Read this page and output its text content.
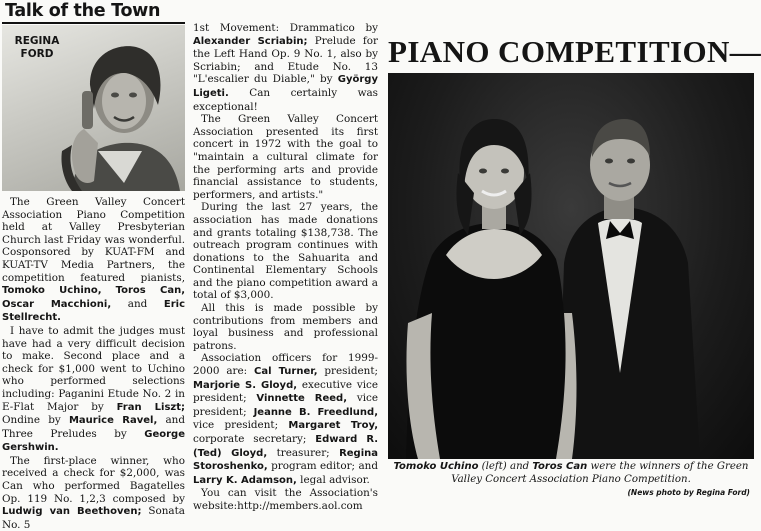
Talk of the Town
REGINA
FORD

The Green Valley Concert Association Piano Competition held at Valley Presbyterian Church last Friday was wonderful. Cosponsored by KUAT-FM and KUAT-TV Media Partners, the competition featured pianists, Tomoko Uchino, Toros Can, Oscar Macchioni, and Eric Stellrecht.

I have to admit the judges must have had a very difficult decision to make. Second place and a check for $1,000 went to Uchino who performed selections including: Paganini Etude No. 2 in E-Flat Major by Fran Liszt; Ondine by Maurice Ravel, and Three Preludes by George Gershwin.

The first-place winner, who received a check for $2,000, was Can who performed Bagatelles Op. 119 No. 1,2,3 composed by Ludwig van Beethoven; Sonata No. 5

1st Movement: Drammatico by Alexander Scriabin; Prelude for the Left Hand Op. 9 No. 1, also by Scriabin; and Etude No. 13 "L'escalier du Diable," by György Ligeti. Can certainly was exceptional!

The Green Valley Concert Association presented its first concert in 1972 with the goal to "maintain a cultural climate for the performing arts and provide financial assistance to students, performers, and artists."

During the last 27 years, the association has made donations and grants totaling $138,738. The outreach program continues with donations to the Sahuarita and Continental Elementary Schools and the piano competition award a total of $3,000.

All this is made possible by contributions from members and loyal business and professional patrons.

Association officers for 1999-2000 are: Cal Turner, president; Marjorie S. Gloyd, executive vice president; Vinnette Reed, vice president; Jeanne B. Freedlund, vice president; Margaret Troy, corporate secretary; Edward R.(Ted) Gloyd, treasurer; Regina Storoshenko, program editor; and Larry K. Adamson, legal advisor.

You can visit the Association's website:http://members.aol.com

PIANO COMPETITION—
Tomoko Uchino (left) and Toros Can were the winners of the Green Valley Concert Association Piano Competition.
(News photo by Regina Ford)
